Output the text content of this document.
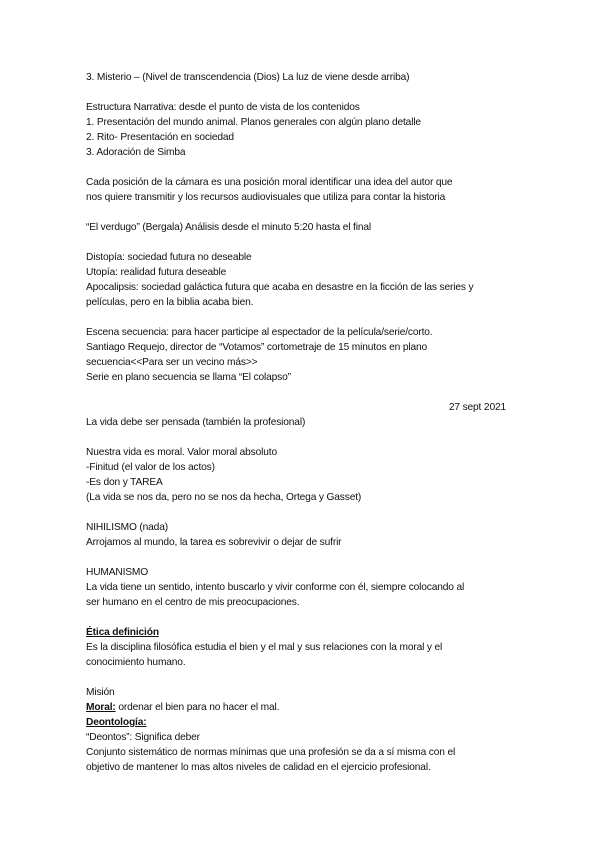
3. Misterio – (Nivel de transcendencia (Dios) La luz de viene desde arriba)

Estructura Narrativa: desde el punto de vista de los contenidos

1. Presentación del mundo animal. Planos generales con algún plano detalle

2. Rito- Presentación en sociedad

3. Adoración de Simba

Cada posición de la cámara es una posición moral identificar una idea del autor que

nos quiere transmitir y los recursos audiovisuales que utiliza para contar la historia

“El verdugo” (Bergala) Análisis desde el minuto 5:20 hasta el final

Distopía: sociedad futura no deseable

Utopía: realidad futura deseable

Apocalipsis: sociedad galáctica futura que acaba en desastre en la ficción de las series y

películas, pero en la biblia acaba bien.

Escena secuencia: para hacer participe al espectador de la película/serie/corto.

Santiago Requejo, director de “Votamos” cortometraje de 15 minutos en plano

secuencia<<Para ser un vecino más>>

Serie en plano secuencia se llama “El colapso”

27 sept 2021

La vida debe ser pensada (también la profesional)

Nuestra vida es moral. Valor moral absoluto

-Finitud (el valor de los actos)

-Es don y TAREA

(La vida se nos da, pero no se nos da hecha, Ortega y Gasset)

NIHILISMO (nada)

Arrojamos al mundo, la tarea es sobrevivir o dejar de sufrir

HUMANISMO

La vida tiene un sentido, intento buscarlo y vivir conforme con él, siempre colocando al

ser humano en el centro de mis preocupaciones.

Ética definición

Es la disciplina filosófica estudia el bien y el mal y sus relaciones con la moral y el

conocimiento humano.

Misión

Moral: ordenar el bien para no hacer el mal.

Deontología:

“Deontos”: Significa deber

Conjunto sistemático de normas mínimas que una profesión se da a sí misma con el

objetivo de mantener lo mas altos niveles de calidad en el ejercicio profesional.
